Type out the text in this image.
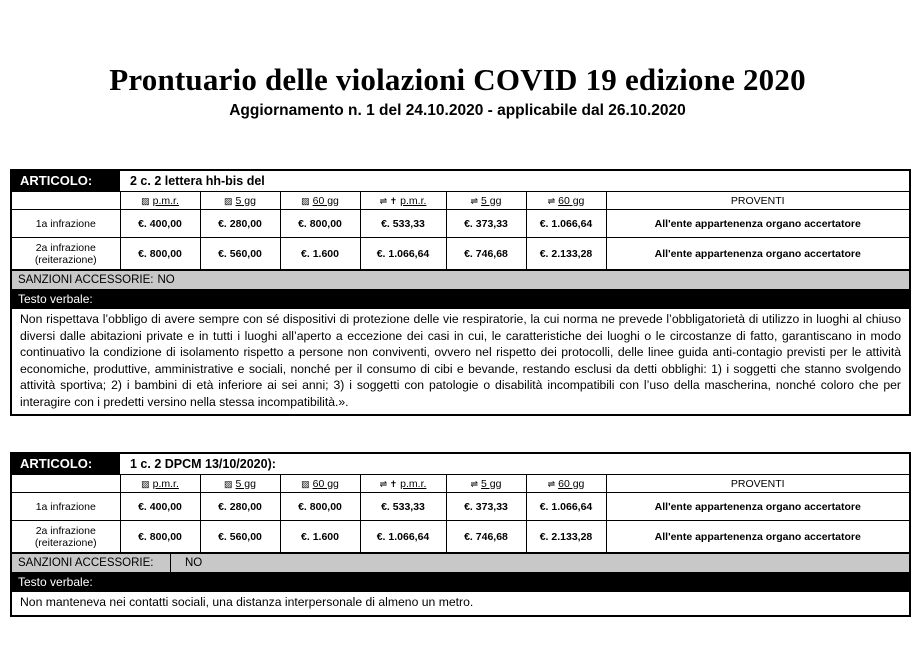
Prontuario delle violazioni COVID 19 edizione 2020
Aggiornamento n. 1 del 24.10.2020 - applicabile dal 26.10.2020
ARTICOLO:	2 c. 2 lettera hh-bis del
	▨ p.m.r.	▨ 5 gg	▨ 60 gg	⇌ ✝ p.m.r.	⇌ 5 gg	⇌ 60 gg	PROVENTI
1a infrazione	€. 400,00	€. 280,00	€. 800,00	€. 533,33	€. 373,33	€. 1.066,64	All'ente appartenenza organo accertatore
2a infrazione
(reiterazione)	€. 800,00	€. 560,00	€. 1.600	€. 1.066,64	€. 746,68	€. 2.133,28	All'ente appartenenza organo accertatore
SANZIONI ACCESSORIE: NO
Testo verbale:
Non rispettava l’obbligo di avere sempre con sé dispositivi di protezione delle vie respiratorie, la cui norma ne prevede l’obbligatorietà di utilizzo in luoghi al chiuso diversi dalle abitazioni private e in tutti i luoghi all’aperto a eccezione dei casi in cui, le caratteristiche dei luoghi o le circostanze di fatto, garantiscano in modo continuativo la condizione di isolamento rispetto a persone non conviventi, ovvero nel rispetto dei protocolli, delle linee guida anti-contagio previsti per le attività economiche, produttive, amministrative e sociali, nonché per il consumo di cibi e bevande, restando esclusi da detti obblighi: 1) i soggetti che stanno svolgendo attività sportiva; 2) i bambini di età inferiore ai sei anni; 3) i soggetti con patologie o disabilità incompatibili con l’uso della mascherina, nonché coloro che per interagire con i predetti versino nella stessa incompatibilità.».
ARTICOLO:	1 c. 2 DPCM 13/10/2020):
	▨ p.m.r.	▨ 5 gg	▨ 60 gg	⇌ ✝ p.m.r.	⇌ 5 gg	⇌ 60 gg	PROVENTI
1a infrazione	€. 400,00	€. 280,00	€. 800,00	€. 533,33	€. 373,33	€. 1.066,64	All'ente appartenenza organo accertatore
2a infrazione
(reiterazione)	€. 800,00	€. 560,00	€. 1.600	€. 1.066,64	€. 746,68	€. 2.133,28	All'ente appartenenza organo accertatore
SANZIONI ACCESSORIE:	NO
Testo verbale:
Non manteneva nei contatti sociali, una distanza interpersonale di almeno un metro.
